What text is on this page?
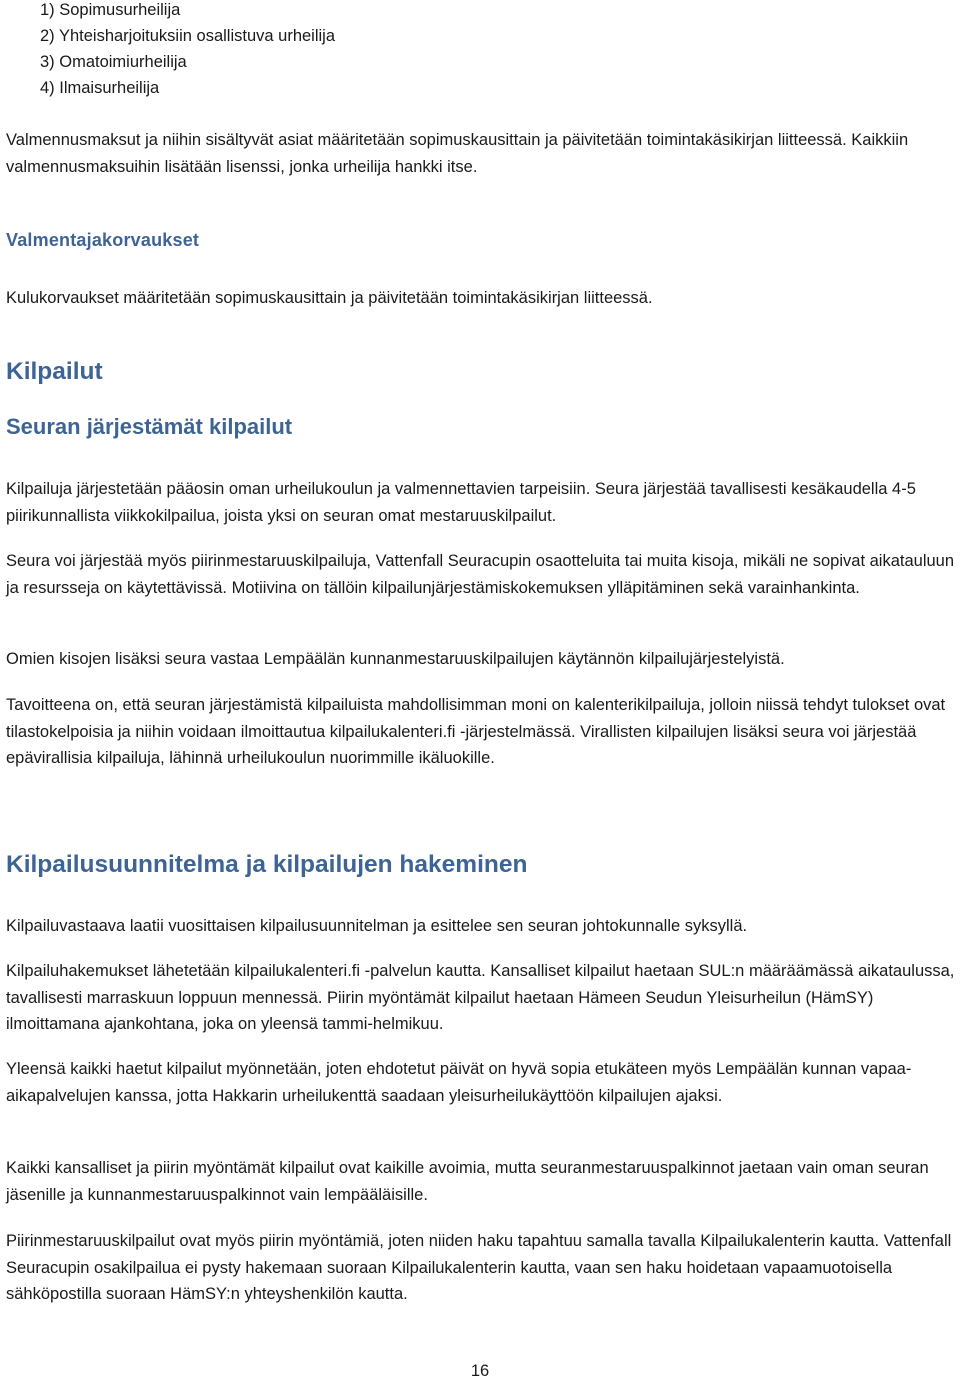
1) Sopimusurheilija
2) Yhteisharjoituksiin osallistuva urheilija
3) Omatoimiurheilija
4) Ilmaisurheilija

Valmennusmaksut ja niihin sisältyvät asiat määritetään sopimuskausittain ja päivitetään toimintakäsikirjan liitteessä. Kaikkiin valmennusmaksuihin lisätään lisenssi, jonka urheilija hankki itse.

Valmentajakorvaukset

Kulukorvaukset määritetään sopimuskausittain ja päivitetään toimintakäsikirjan liitteessä.

Kilpailut
Seuran järjestämät kilpailut

Kilpailuja järjestetään pääosin oman urheilukoulun ja valmennettavien tarpeisiin. Seura järjestää tavallisesti kesäkaudella 4-5 piirikunnallista viikkokilpailua, joista yksi on seuran omat mestaruuskilpailut.

Seura voi järjestää myös piirinmestaruuskilpailuja, Vattenfall Seuracupin osaotteluita tai muita kisoja, mikäli ne sopivat aikatauluun ja resursseja on käytettävissä. Motiivina on tällöin kilpailunjärjestämiskokemuksen ylläpitäminen sekä varainhankinta.

Omien kisojen lisäksi seura vastaa Lempäälän kunnanmestaruuskilpailujen käytännön kilpailujärjestelyistä.

Tavoitteena on, että seuran järjestämistä kilpailuista mahdollisimman moni on kalenterikilpailuja, jolloin niissä tehdyt tulokset ovat tilastokelpoisia ja niihin voidaan ilmoittautua kilpailukalenteri.fi -järjestelmässä. Virallisten kilpailujen lisäksi seura voi järjestää epävirallisia kilpailuja, lähinnä urheilukoulun nuorimmille ikäluokille.

Kilpailusuunnitelma ja kilpailujen hakeminen

Kilpailuvastaava laatii vuosittaisen kilpailusuunnitelman ja esittelee sen seuran johtokunnalle syksyllä.

Kilpailuhakemukset lähetetään kilpailukalenteri.fi -palvelun kautta. Kansalliset kilpailut haetaan SUL:n määräämässä aikataulussa, tavallisesti marraskuun loppuun mennessä. Piirin myöntämät kilpailut haetaan Hämeen Seudun Yleisurheilun (HämSY) ilmoittamana ajankohtana, joka on yleensä tammi-helmikuu.

Yleensä kaikki haetut kilpailut myönnetään, joten ehdotetut päivät on hyvä sopia etukäteen myös Lempäälän kunnan vapaa-aikapalvelujen kanssa, jotta Hakkarin urheilukenttä saadaan yleisurheilukäyttöön kilpailujen ajaksi.

Kaikki kansalliset ja piirin myöntämät kilpailut ovat kaikille avoimia, mutta seuranmestaruuspalkinnot jaetaan vain oman seuran jäsenille ja kunnanmestaruuspalkinnot vain lempääläisille.

Piirinmestaruuskilpailut ovat myös piirin myöntämiä, joten niiden haku tapahtuu samalla tavalla Kilpailukalenterin kautta. Vattenfall Seuracupin osakilpailua ei pysty hakemaan suoraan Kilpailukalenterin kautta, vaan sen haku hoidetaan vapaamuotoisella sähköpostilla suoraan HämSY:n yhteyshenkilön kautta.

16
